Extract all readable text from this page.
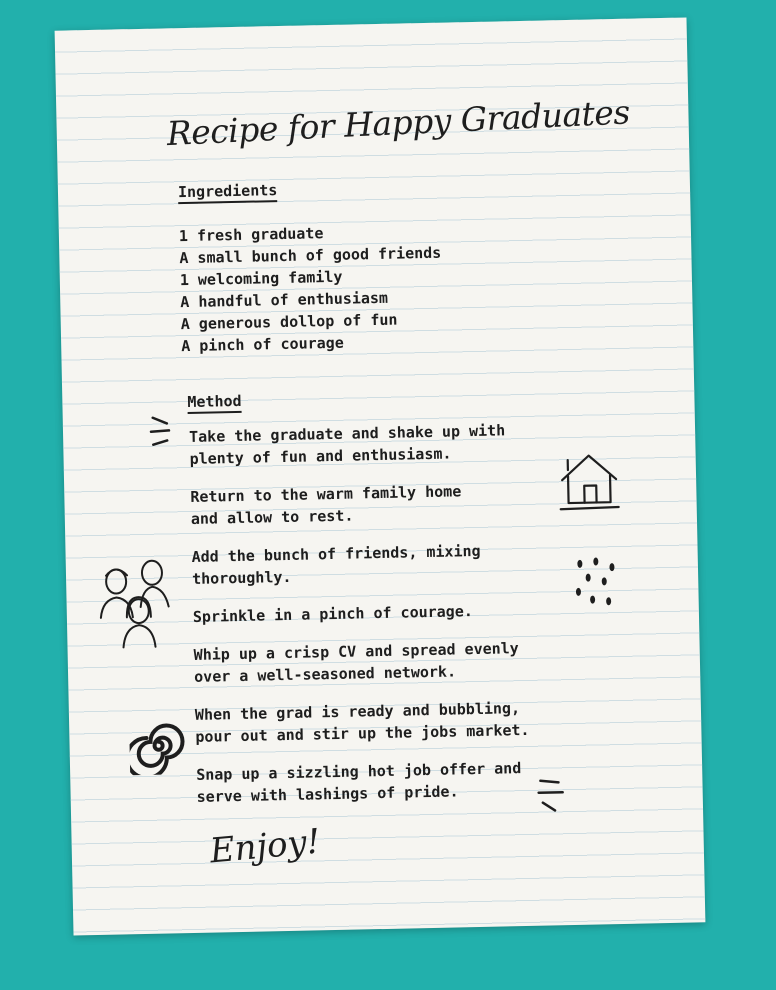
Recipe for Happy Graduates
Ingredients
1 fresh graduate
A small bunch of good friends
1 welcoming family
A handful of enthusiasm
A generous dollop of fun
A pinch of courage
Method
Take the graduate and shake up with
plenty of fun and enthusiasm.
Return to the warm family home
and allow to rest.
Add the bunch of friends, mixing
thoroughly.
Sprinkle in a pinch of courage.
Whip up a crisp CV and spread evenly
over a well-seasoned network.
When the grad is ready and bubbling,
pour out and stir up the jobs market.
Snap up a sizzling hot job offer and
serve with lashings of pride.

Enjoy!
